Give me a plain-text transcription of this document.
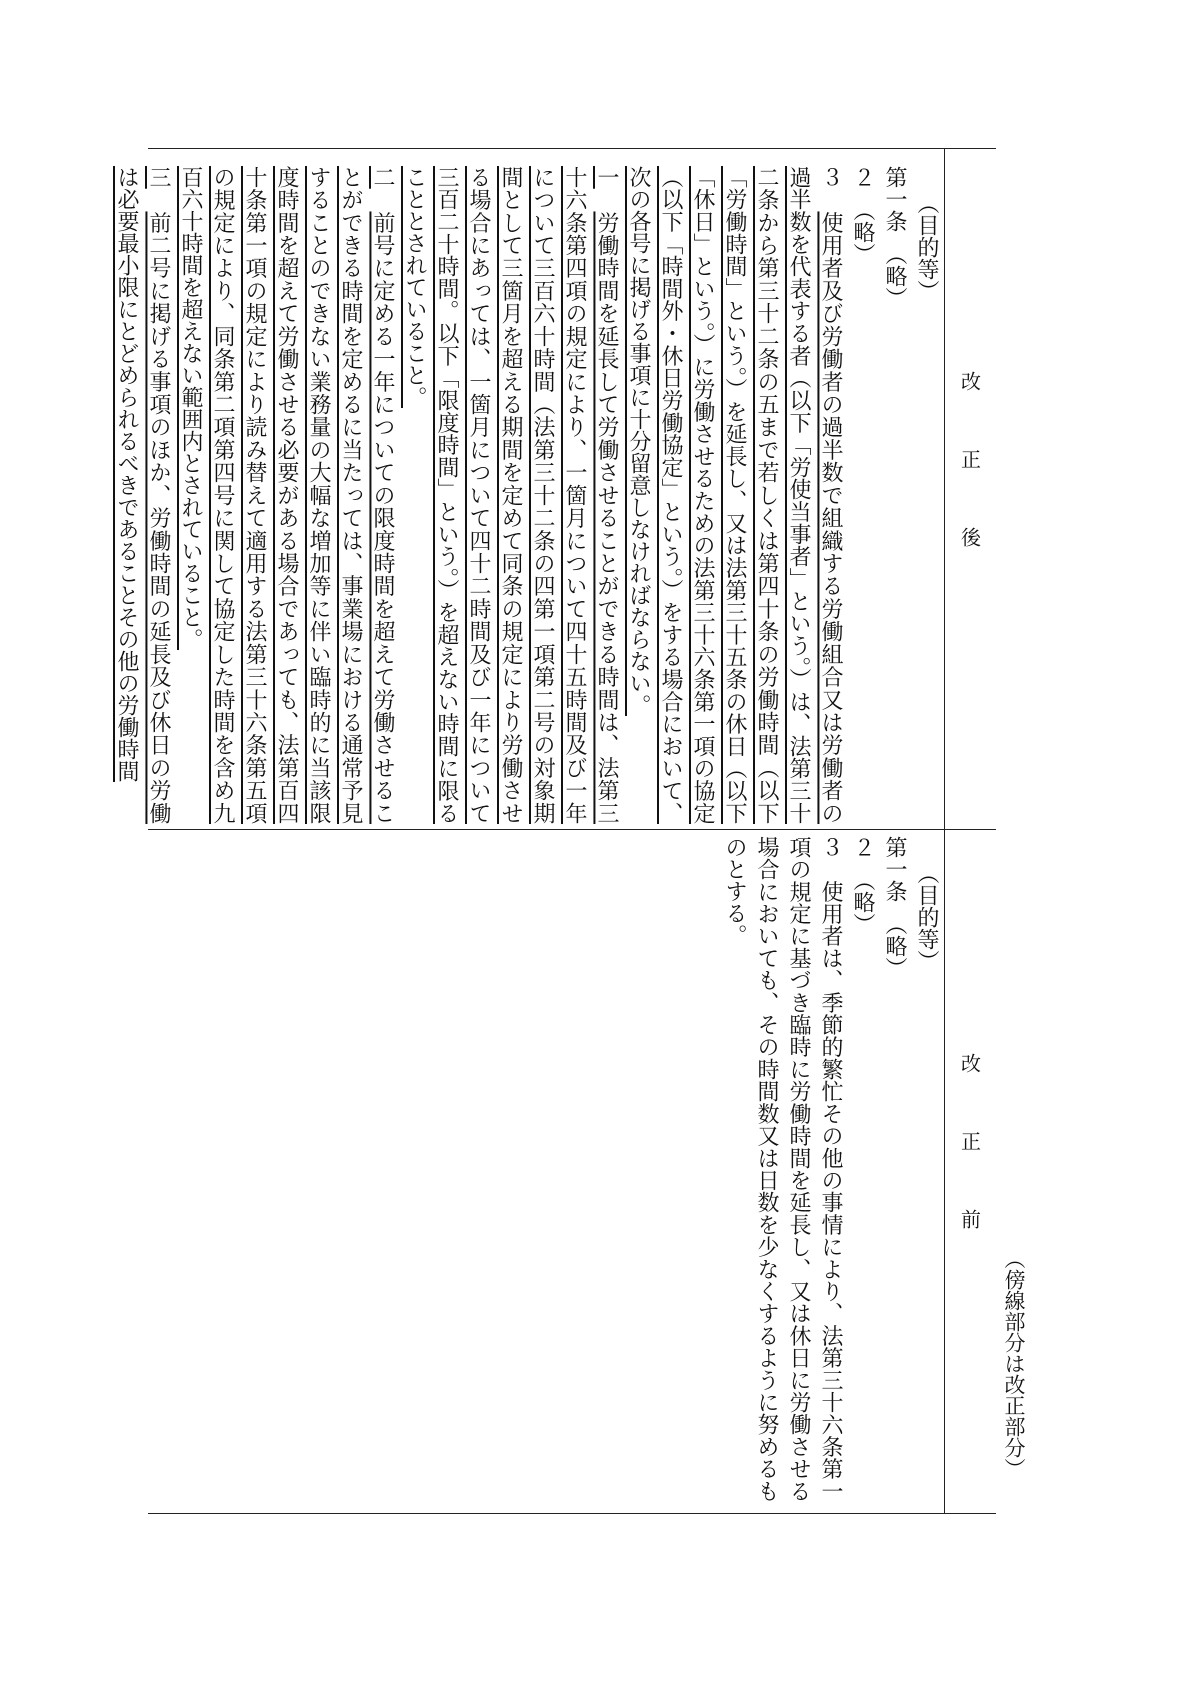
（傍線部分は改正部分）
改正後
改正前

（目的等）

第一条　（略）

２　（略）

３　使用者及び労働者の過半数で組織する労働組合又は労働者の過半数を代表する者（以下「労使当事者」という。）は、法第三十二条から第三十二条の五まで若しくは第四十条の労働時間（以下「労働時間」という。）を延長し、又は法第三十五条の休日（以下「休日」という。）に労働させるための法第三十六条第一項の協定（以下「時間外・休日労働協定」という。）をする場合において、次の各号に掲げる事項に十分留意しなければならない。

一　労働時間を延長して労働させることができる時間は、法第三十六条第四項の規定により、一箇月について四十五時間及び一年について三百六十時間（法第三十二条の四第一項第二号の対象期間として三箇月を超える期間を定めて同条の規定により労働させる場合にあっては、一箇月について四十二時間及び一年について三百二十時間。以下「限度時間」という。）を超えない時間に限ることとされていること。

二　前号に定める一年についての限度時間を超えて労働させることができる時間を定めるに当たっては、事業場における通常予見することのできない業務量の大幅な増加等に伴い臨時的に当該限度時間を超えて労働させる必要がある場合であっても、法第百四十条第一項の規定により読み替えて適用する法第三十六条第五項の規定により、同条第二項第四号に関して協定した時間を含め九百六十時間を超えない範囲内とされていること。

三　前二号に掲げる事項のほか、労働時間の延長及び休日の労働は必要最小限にとどめられるべきであることその他の労働時間

（目的等）

第一条　（略）

２　（略）

３　使用者は、季節的繁忙その他の事情により、法第三十六条第一項の規定に基づき臨時に労働時間を延長し、又は休日に労働させる場合においても、その時間数又は日数を少なくするように努めるものとする。
